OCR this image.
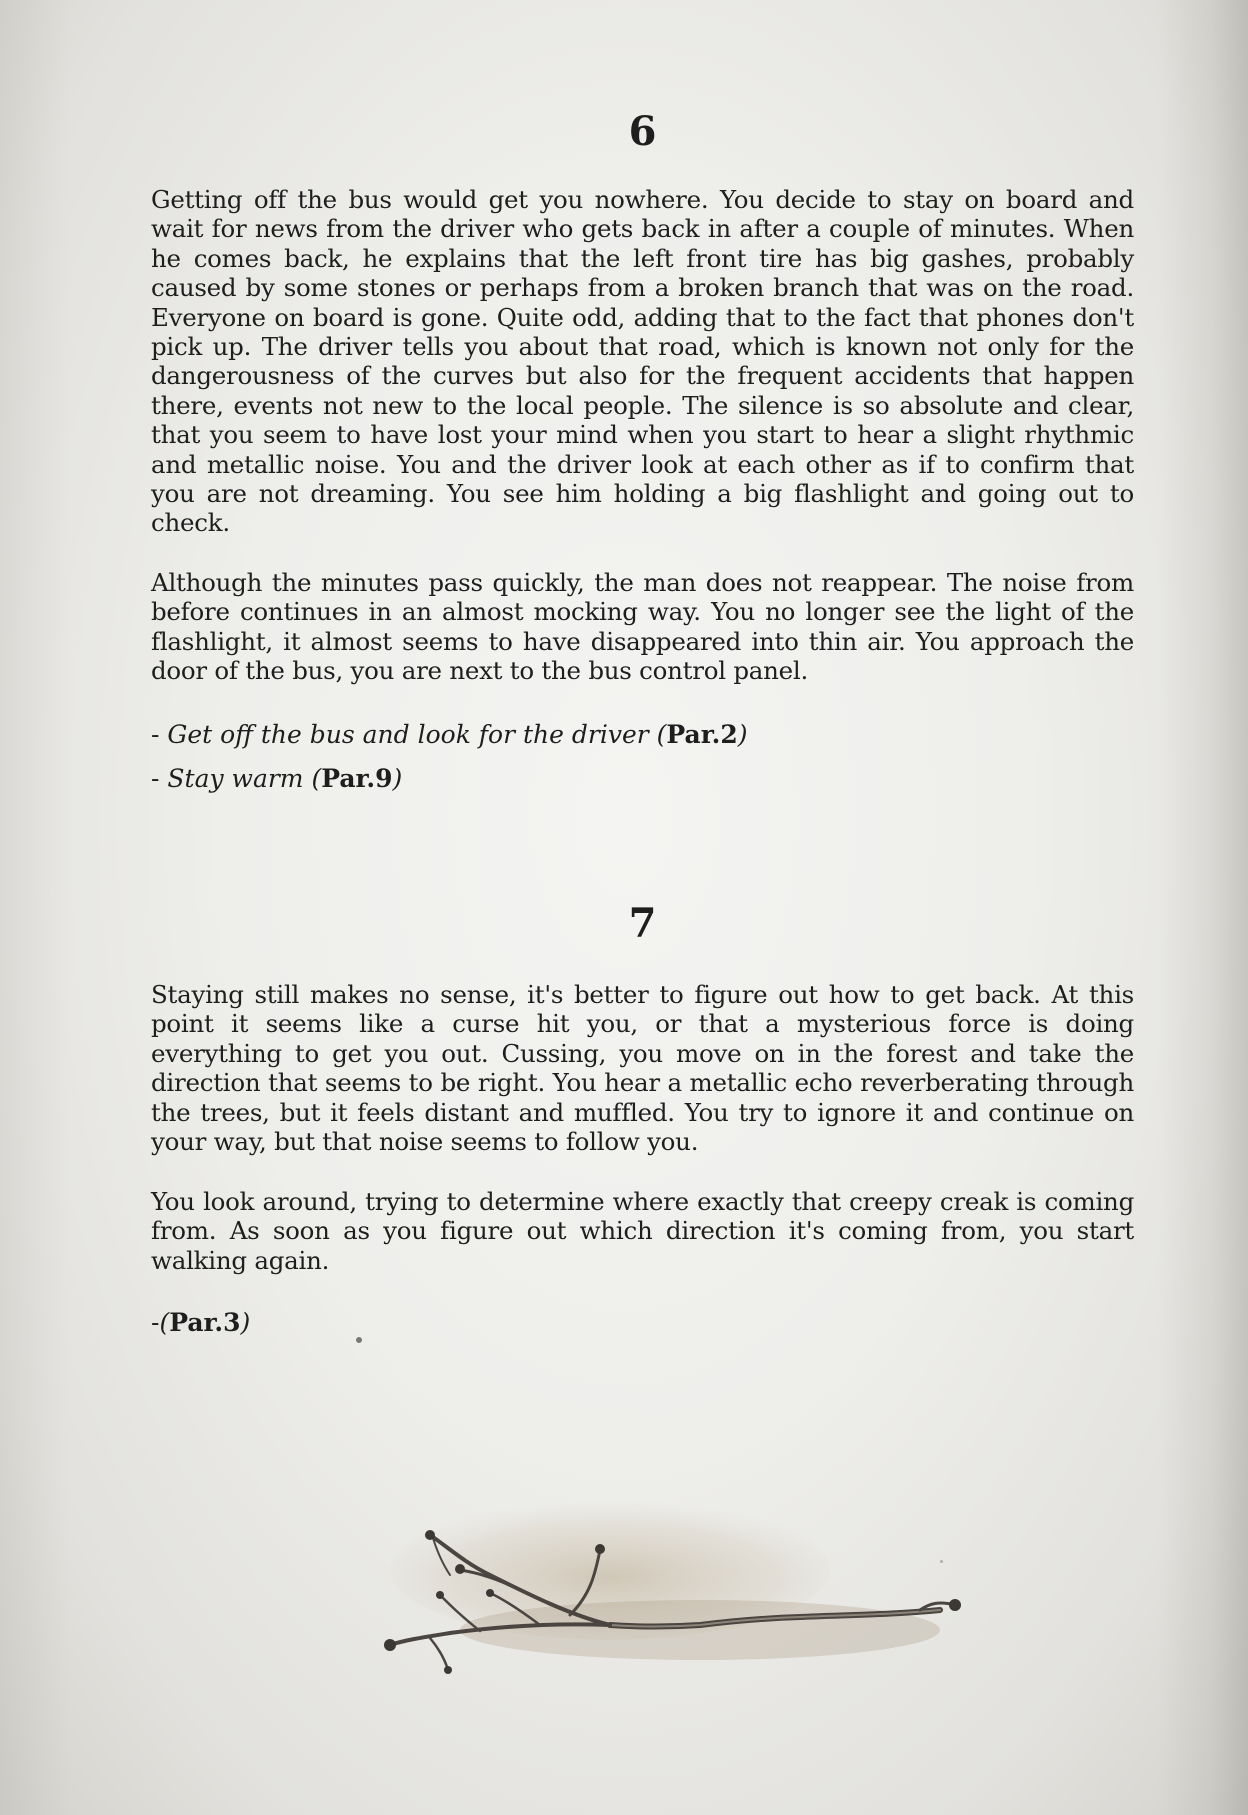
6

Getting off the bus would get you nowhere. You decide to stay on board and wait for news from the driver who gets back in after a couple of minutes. When he comes back, he explains that the left front tire has big gashes, probably caused by some stones or perhaps from a broken branch that was on the road. Everyone on board is gone. Quite odd, adding that to the fact that phones don't pick up. The driver tells you about that road, which is known not only for the dangerousness of the curves but also for the frequent accidents that happen there, events not new to the local people. The silence is so absolute and clear, that you seem to have lost your mind when you start to hear a slight rhythmic and metallic noise. You and the driver look at each other as if to confirm that you are not dreaming. You see him holding a big flashlight and going out to check.

Although the minutes pass quickly, the man does not reappear. The noise from before continues in an almost mocking way. You no longer see the light of the flashlight, it almost seems to have disappeared into thin air. You approach the door of the bus, you are next to the bus control panel.

- Get off the bus and look for the driver (Par.2)

- Stay warm (Par.9)

7

Staying still makes no sense, it's better to figure out how to get back. At this point it seems like a curse hit you, or that a mysterious force is doing everything to get you out. Cussing, you move on in the forest and take the direction that seems to be right. You hear a metallic echo reverberating through the trees, but it feels distant and muffled. You try to ignore it and continue on your way, but that noise seems to follow you.

You look around, trying to determine where exactly that creepy creak is coming from. As soon as you figure out which direction it's coming from, you start walking again.

-(Par.3)
